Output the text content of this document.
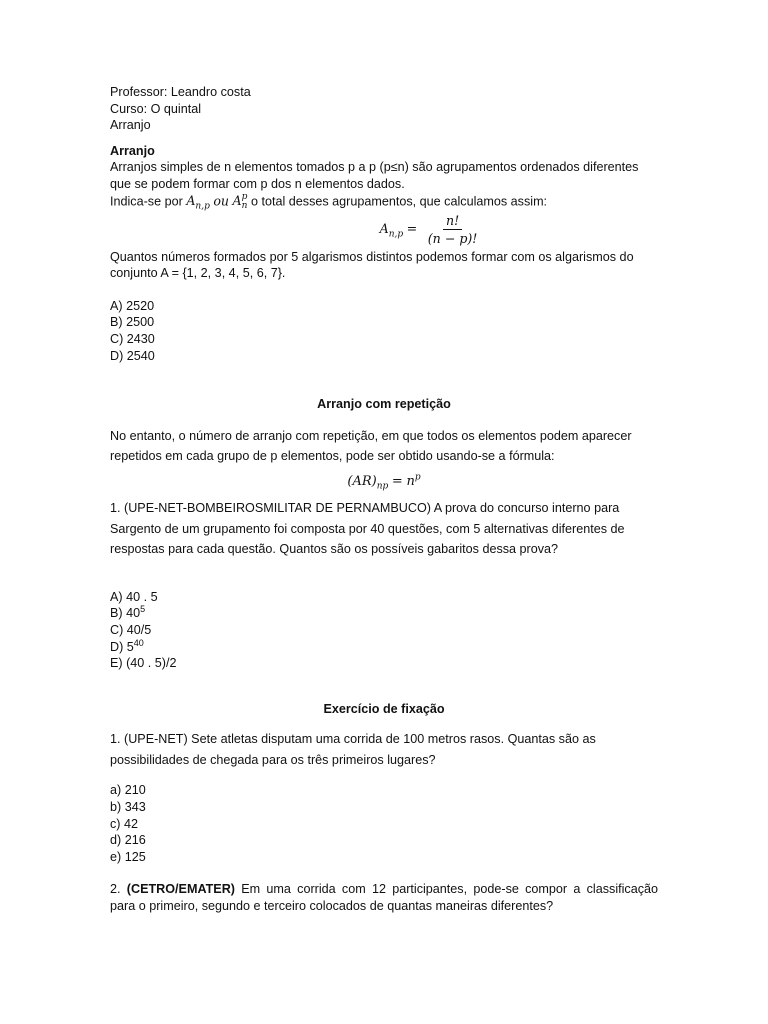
Professor: Leandro costa
Curso: O quintal
Arranjo
Arranjo
Arranjos simples de n elementos tomados p a p (p≤n) são agrupamentos ordenados diferentes
que se podem formar com p dos n elementos dados.
Indica-se por $A_{n,p}$ ou A p
n o total desses agrupamentos, que calculamos assim:
$A_{n,p} = \frac{n!}{(n - p)!}$
Quantos números formados por 5 algarismos distintos podemos formar com os algarismos do
conjunto A = {1, 2, 3, 4, 5, 6, 7}.
A) 2520
B) 2500
C) 2430
D) 2540
Arranjo com repetição
No entanto, o número de arranjo com repetição, em que todos os elementos podem aparecer
repetidos em cada grupo de p elementos, pode ser obtido usando-se a fórmula:
$(AR)_{np} = n^p$
1. (UPE-NET-BOMBEIROSMILITAR DE PERNAMBUCO) A prova do concurso interno para
Sargento de um grupamento foi composta por 40 questões, com 5 alternativas diferentes de
respostas para cada questão. Quantos são os possíveis gabaritos dessa prova?
A) 40 . 5
B) $40^5$
C) 40/5
D) $5^{40}$
E) (40 . 5)/2
Exercício de fixação
1. (UPE-NET) Sete atletas disputam uma corrida de 100 metros rasos. Quantas são as
possibilidades de chegada para os três primeiros lugares?
a) 210
b) 343
c) 42
d) 216
e) 125
2. (CETRO/EMATER) Em uma corrida com 12 participantes, pode-se compor a classificação
para o primeiro, segundo e terceiro colocados de quantas maneiras diferentes?
